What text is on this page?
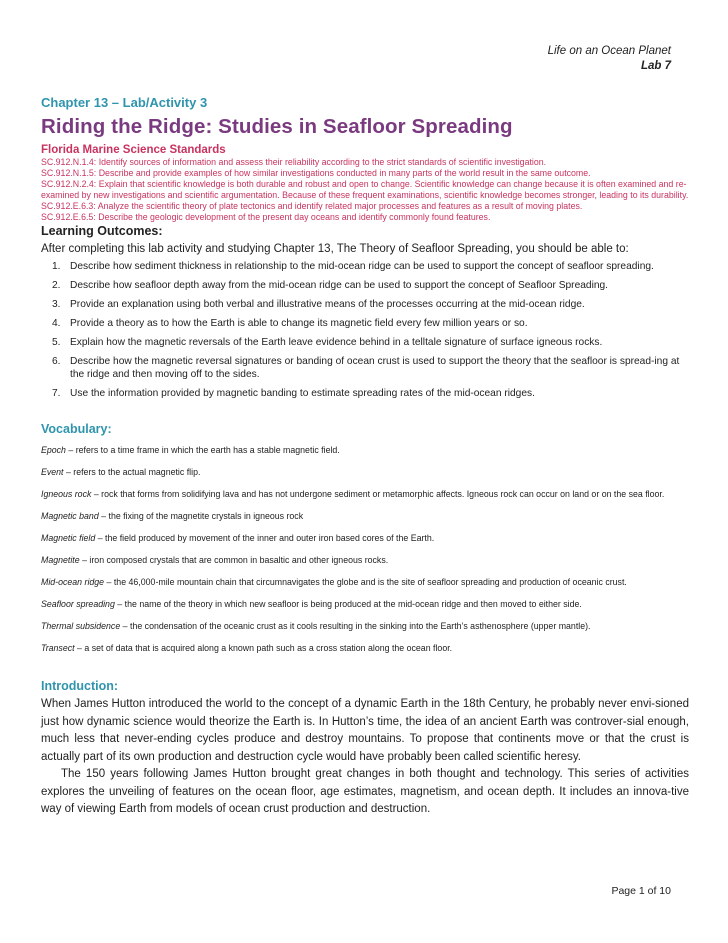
Life on an Ocean Planet
Lab 7
Chapter 13 – Lab/Activity 3
Riding the Ridge: Studies in Seafloor Spreading
Florida Marine Science Standards
SC.912.N.1.4: Identify sources of information and assess their reliability according to the strict standards of scientific investigation.
SC.912.N.1.5: Describe and provide examples of how similar investigations conducted in many parts of the world result in the same outcome.
SC.912.N.2.4: Explain that scientific knowledge is both durable and robust and open to change. Scientific knowledge can change because it is often examined and re-examined by new investigations and scientific argumentation. Because of these frequent examinations, scientific knowledge becomes stronger, leading to its durability.
SC.912.E.6.3: Analyze the scientific theory of plate tectonics and identify related major processes and features as a result of moving plates.
SC.912.E.6.5: Describe the geologic development of the present day oceans and identify commonly found features.
Learning Outcomes:
After completing this lab activity and studying Chapter 13, The Theory of Seafloor Spreading, you should be able to:
1. Describe how sediment thickness in relationship to the mid-ocean ridge can be used to support the concept of seafloor spreading.
2. Describe how seafloor depth away from the mid-ocean ridge can be used to support the concept of Seafloor Spreading.
3. Provide an explanation using both verbal and illustrative means of the processes occurring at the mid-ocean ridge.
4. Provide a theory as to how the Earth is able to change its magnetic field every few million years or so.
5. Explain how the magnetic reversals of the Earth leave evidence behind in a telltale signature of surface igneous rocks.
6. Describe how the magnetic reversal signatures or banding of ocean crust is used to support the theory that the seafloor is spread-ing at the ridge and then moving off to the sides.
7. Use the information provided by magnetic banding to estimate spreading rates of the mid-ocean ridges.
Vocabulary:

Epoch – refers to a time frame in which the earth has a stable magnetic field.

Event – refers to the actual magnetic flip.

Igneous rock – rock that forms from solidifying lava and has not undergone sediment or metamorphic affects. Igneous rock can occur on land or on the sea floor.

Magnetic band – the fixing of the magnetite crystals in igneous rock

Magnetic field – the field produced by movement of the inner and outer iron based cores of the Earth.

Magnetite – iron composed crystals that are common in basaltic and other igneous rocks.

Mid-ocean ridge – the 46,000-mile mountain chain that circumnavigates the globe and is the site of seafloor spreading and production of oceanic crust.

Seafloor spreading – the name of the theory in which new seafloor is being produced at the mid-ocean ridge and then moved to either side.

Thermal subsidence – the condensation of the oceanic crust as it cools resulting in the sinking into the Earth’s asthenosphere (upper mantle).

Transect – a set of data that is acquired along a known path such as a cross station along the ocean floor.

Introduction:

When James Hutton introduced the world to the concept of a dynamic Earth in the 18th Century, he probably never envi-sioned just how dynamic science would theorize the Earth is. In Hutton’s time, the idea of an ancient Earth was controver-sial enough, much less that never-ending cycles produce and destroy mountains. To propose that continents move or that the crust is actually part of its own production and destruction cycle would have probably been called scientific heresy.

The 150 years following James Hutton brought great changes in both thought and technology. This series of activities explores the unveiling of features on the ocean floor, age estimates, magnetism, and ocean depth. It includes an innova-tive way of viewing Earth from models of ocean crust production and destruction.

Page 1 of 10
